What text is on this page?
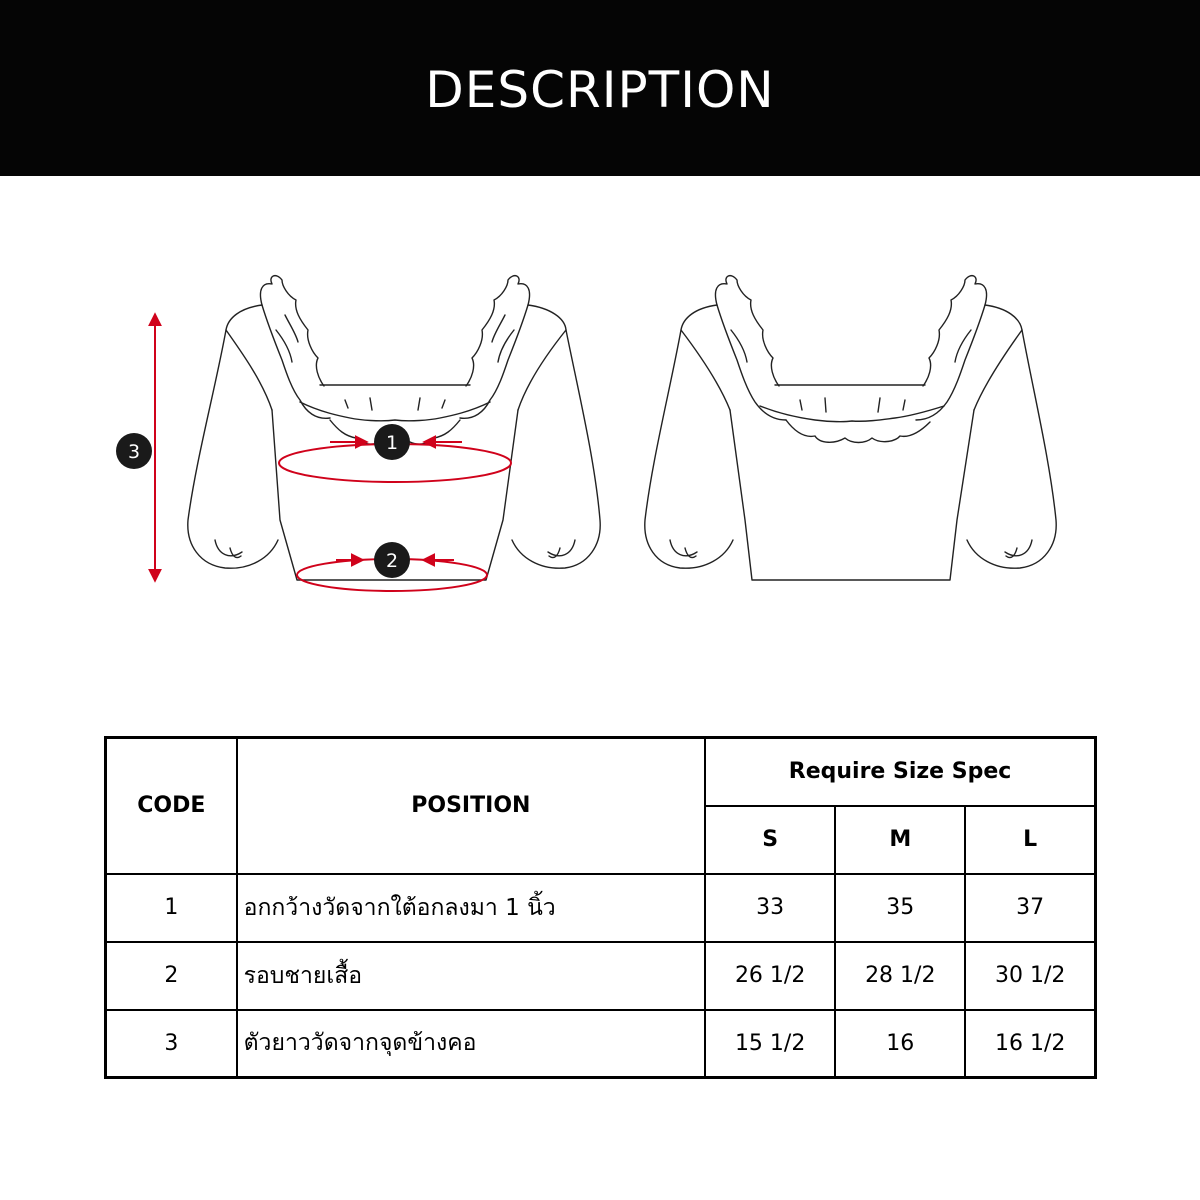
DESCRIPTION
1
2
3
CODE	POSITION	Require Size Spec		
		S	M	L
1	อกกว้างวัดจากใต้อกลงมา 1 นิ้ว	33	35	37
2	รอบชายเสื้อ	26 1/2	28 1/2	30 1/2
3	ตัวยาววัดจากจุดข้างคอ	15 1/2	16	16 1/2
